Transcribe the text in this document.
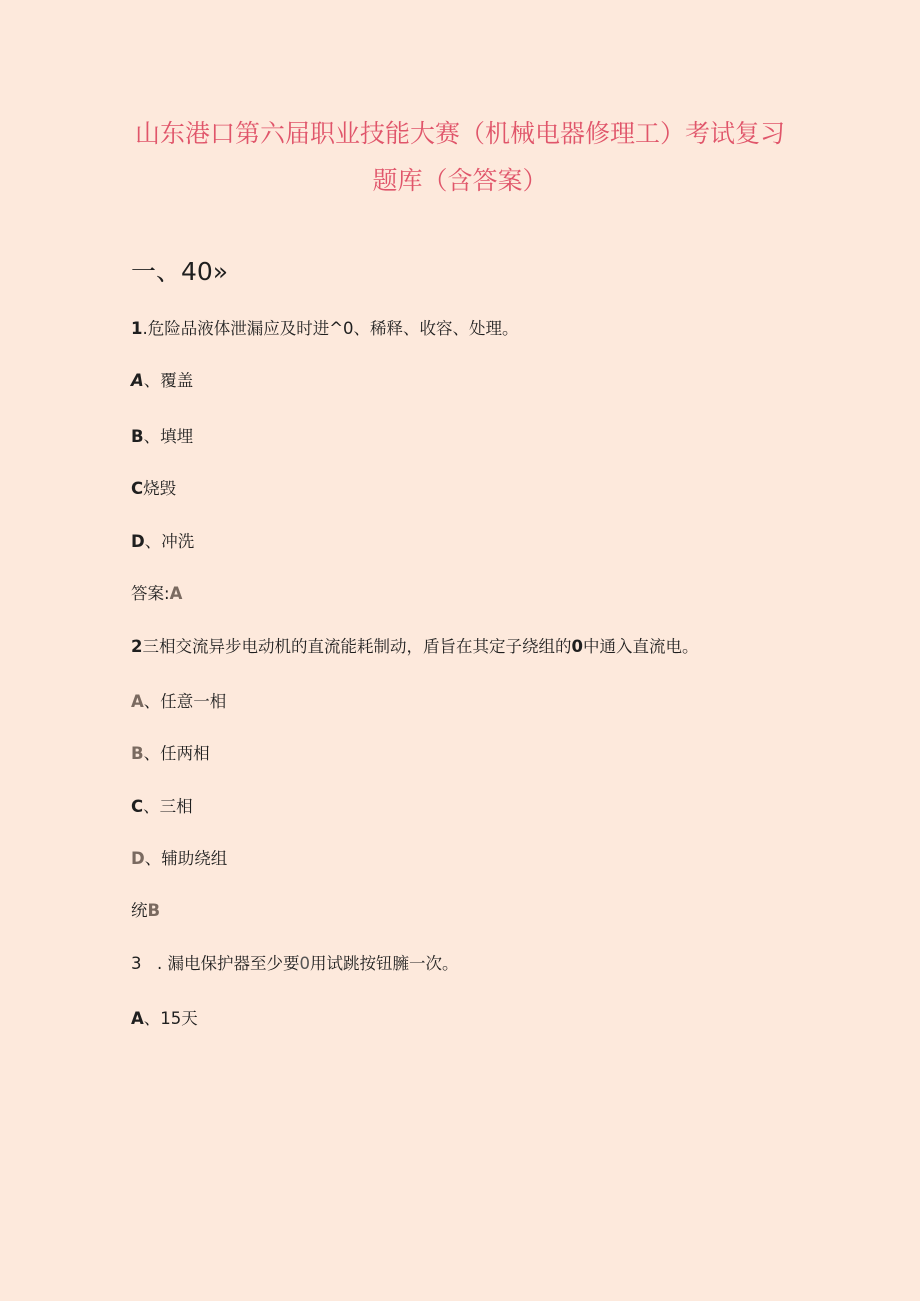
山东港口第六届职业技能大赛（机械电器修理工）考试复习
题库（含答案）
一、40»
1.危险品液体泄漏应及时进^0、稀释、收容、处理。
A、覆盖
B、填埋
C烧毁
D、冲洗
答案:A
2三相交流异步电动机的直流能耗制动，盾旨在其定子绕组的0中通入直流电。
A、任意一相
B、任两相
C、三相
D、辅助绕组
统B
3 . 漏电保护器至少要0用试跳按钮臃一次。
A、15天
